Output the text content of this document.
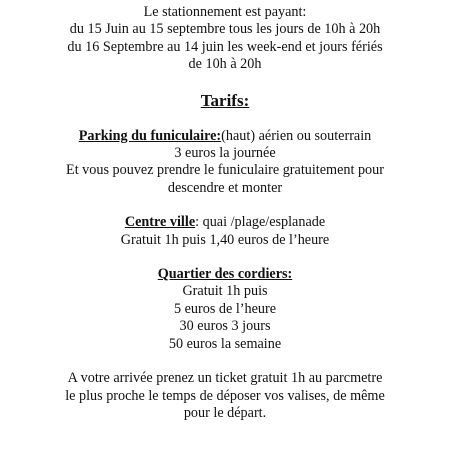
Le stationnement est payant:
du 15 Juin au 15 septembre tous les jours de 10h à 20h
du 16 Septembre au 14 juin les week-end et jours fériés
de 10h à 20h
Tarifs:
Parking du funiculaire:(haut) aérien ou souterrain
3 euros la journée
Et vous pouvez prendre le funiculaire gratuitement pour
descendre et monter
Centre ville: quai /plage/esplanade
Gratuit 1h puis 1,40 euros de l’heure
Quartier des cordiers:
Gratuit 1h puis
5 euros de l’heure
30 euros 3 jours
50 euros la semaine
A votre arrivée prenez un ticket gratuit 1h au parcmetre
le plus proche le temps de déposer vos valises, de même
pour le départ.
